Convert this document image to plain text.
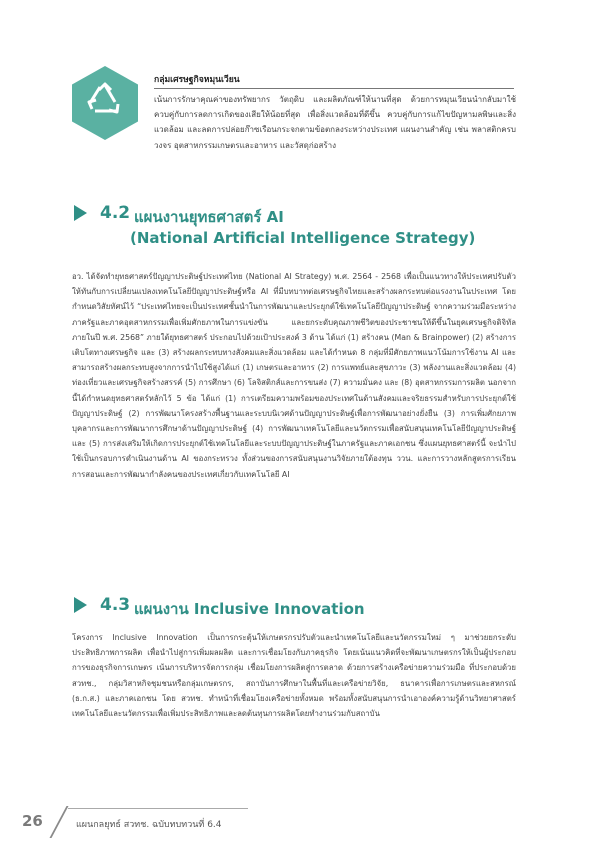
กลุ่มเศรษฐกิจหมุนเวียน
เน้นการรักษาคุณค่าของทรัพยากร วัตถุดิบ และผลิตภัณฑ์ให้นานที่สุด ด้วยการหมุนเวียนนำกลับมาใช้ ควบคู่กับการลดการเกิดของเสียให้น้อยที่สุด เพื่อสิ่งแวดล้อมที่ดีขึ้น ควบคู่กับการแก้ไขปัญหามลพิษและสิ่งแวดล้อม และลดการปล่อยก๊าซเรือนกระจกตามข้อตกลงระหว่างประเทศ แผนงานสำคัญ เช่น พลาสติกครบวงจร อุตสาหกรรมเกษตรและอาหาร และวัสดุก่อสร้าง
4.2 แผนงานยุทธศาสตร์ AI
(National Artificial Intelligence Strategy)
อว. ได้จัดทำยุทธศาสตร์ปัญญาประดิษฐ์ประเทศไทย (National AI Strategy) พ.ศ. 2564 - 2568 เพื่อเป็นแนวทางให้ประเทศปรับตัวให้ทันกับการเปลี่ยนแปลงเทคโนโลยีปัญญาประดิษฐ์หรือ AI ที่มีบทบาทต่อเศรษฐกิจไทยและสร้างผลกระทบต่อแรงงานในประเทศ โดยกำหนดวิสัยทัศน์ไว้ “ประเทศไทยจะเป็นประเทศชั้นนำในการพัฒนาและประยุกต์ใช้เทคโนโลยีปัญญาประดิษฐ์ จากความร่วมมือระหว่างภาครัฐและภาคอุตสาหกรรมเพื่อเพิ่มศักยภาพในการแข่งขัน และยกระดับคุณภาพชีวิตของประชาชนให้ดีขึ้นในยุคเศรษฐกิจดิจิทัล ภายในปี พ.ศ. 2568” ภายใต้ยุทธศาสตร์ ประกอบไปด้วยเป้าประสงค์ 3 ด้าน ได้แก่ (1) สร้างคน (Man & Brainpower) (2) สร้างการเติบโตทางเศรษฐกิจ และ (3) สร้างผลกระทบทางสังคมและสิ่งแวดล้อม และได้กำหนด 8 กลุ่มที่มีศักยภาพแนวโน้มการใช้งาน AI และสามารถสร้างผลกระทบสูงจากการนำไปใช้สูงได้แก่ (1) เกษตรและอาหาร (2) การแพทย์และสุขภาวะ (3) พลังงานและสิ่งแวดล้อม (4) ท่องเที่ยวและเศรษฐกิจสร้างสรรค์ (5) การศึกษา (6) โลจิสติกส์และการขนส่ง (7) ความมั่นคง และ (8) อุตสาหกรรมการผลิต นอกจากนี้ได้กำหนดยุทธศาสตร์หลักไว้ 5 ข้อ ได้แก่ (1) การเตรียมความพร้อมของประเทศในด้านสังคมและจริยธรรมสำหรับการประยุกต์ใช้ปัญญาประดิษฐ์ (2) การพัฒนาโครงสร้างพื้นฐานและระบบนิเวศด้านปัญญาประดิษฐ์เพื่อการพัฒนาอย่างยั่งยืน (3) การเพิ่มศักยภาพบุคลากรและการพัฒนาการศึกษาด้านปัญญาประดิษฐ์ (4) การพัฒนาเทคโนโลยีและนวัตกรรมเพื่อสนับสนุนเทคโนโลยีปัญญาประดิษฐ์ และ (5) การส่งเสริมให้เกิดการประยุกต์ใช้เทคโนโลยีและระบบปัญญาประดิษฐ์ในภาครัฐและภาคเอกชน ซึ่งแผนยุทธศาสตร์นี้ จะนำไปใช้เป็นกรอบการดำเนินงานด้าน AI ของกระทรวง ทั้งส่วนของการสนับสนุนงานวิจัยภายใต้องทุน ววน. และการวางหลักสูตรการเรียนการสอนและการพัฒนากำลังคนของประเทศเกี่ยวกับเทคโนโลยี AI
4.3 แผนงาน Inclusive Innovation
โครงการ Inclusive Innovation เป็นการกระตุ้นให้เกษตรกรปรับตัวและนำเทคโนโลยีและนวัตกรรมใหม่ ๆ มาช่วยยกระดับประสิทธิภาพการผลิต เพื่อนำไปสู่การเพิ่มผลผลิต และการเชื่อมโยงกับภาคธุรกิจ โดยเน้นแนวคิดที่จะพัฒนาเกษตรกรให้เป็นผู้ประกอบการของธุรกิจการเกษตร เน้นการบริหารจัดการกลุ่ม เชื่อมโยงการผลิตสู่การตลาด ด้วยการสร้างเครือข่ายความร่วมมือ ที่ประกอบด้วย สวทช., กลุ่มวิสาหกิจชุมชนหรือกลุ่มเกษตรกร, สถาบันการศึกษาในพื้นที่และเครือข่ายวิจัย, ธนาคารเพื่อการเกษตรและสหกรณ์ (ธ.ก.ส.) และภาคเอกชน โดย สวทช. ทำหน้าที่เชื่อมโยงเครือข่ายทั้งหมด พร้อมทั้งสนับสนุนการนำเอาองค์ความรู้ด้านวิทยาศาสตร์ เทคโนโลยีและนวัตกรรมเพื่อเพิ่มประสิทธิภาพและลดต้นทุนการผลิตโดยทำงานร่วมกับสถาบัน
26	แผนกลยุทธ์ สวทช. ฉบับทบทวนที่ 6.4
